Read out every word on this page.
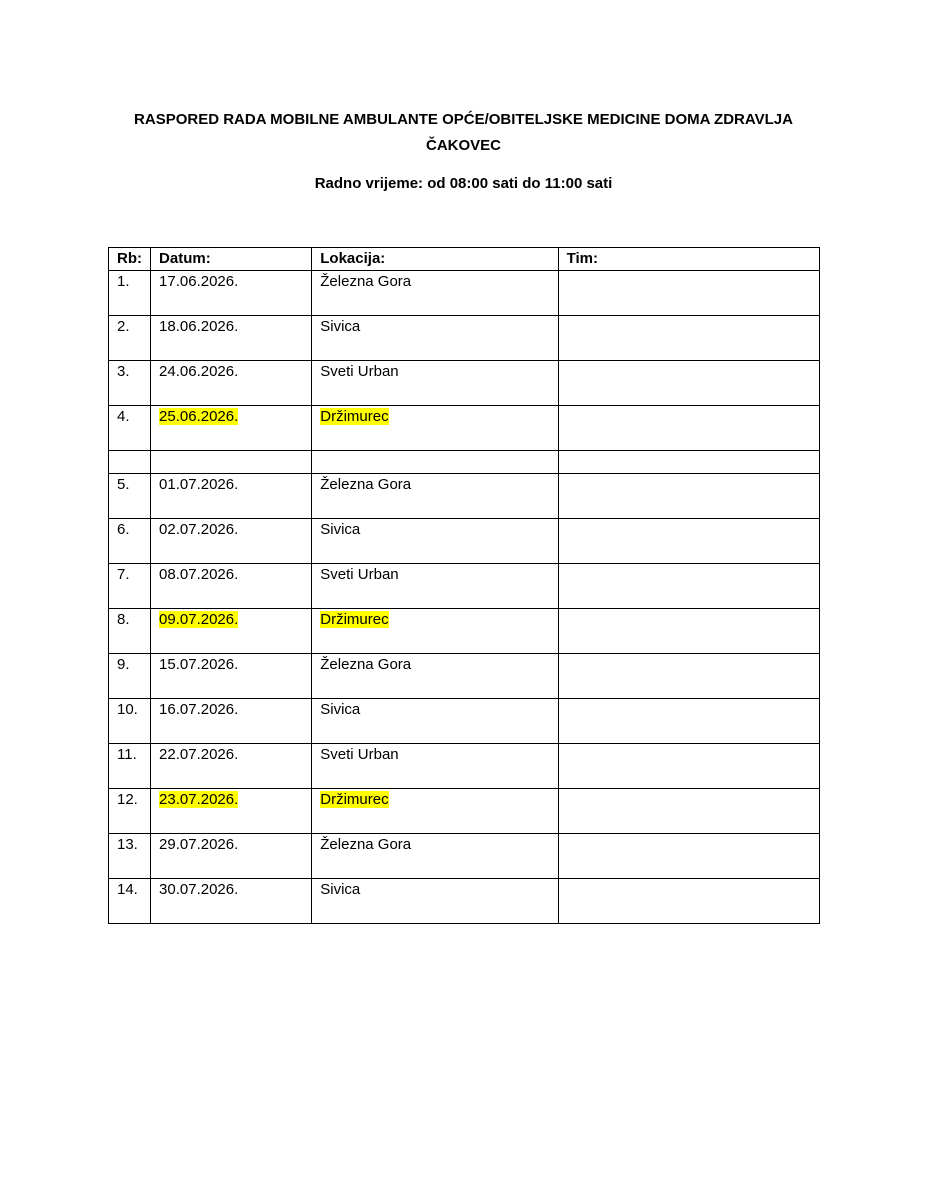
RASPORED RADA MOBILNE AMBULANTE OPĆE/OBITELJSKE MEDICINE DOMA ZDRAVLJA
ČAKOVEC
Radno vrijeme: od 08:00 sati do 11:00 sati
Rb:	Datum:	Lokacija:	Tim:
1.	17.06.2026.	Železna Gora	
2.	18.06.2026.	Sivica	
3.	24.06.2026.	Sveti Urban	
4.	25.06.2026.	Držimurec	

5.	01.07.2026.	Železna Gora	
6.	02.07.2026.	Sivica	
7.	08.07.2026.	Sveti Urban	
8.	09.07.2026.	Držimurec	
9.	15.07.2026.	Železna Gora	
10.	16.07.2026.	Sivica	
11.	22.07.2026.	Sveti Urban	
12.	23.07.2026.	Držimurec	
13.	29.07.2026.	Železna Gora	
14.	30.07.2026.	Sivica	
